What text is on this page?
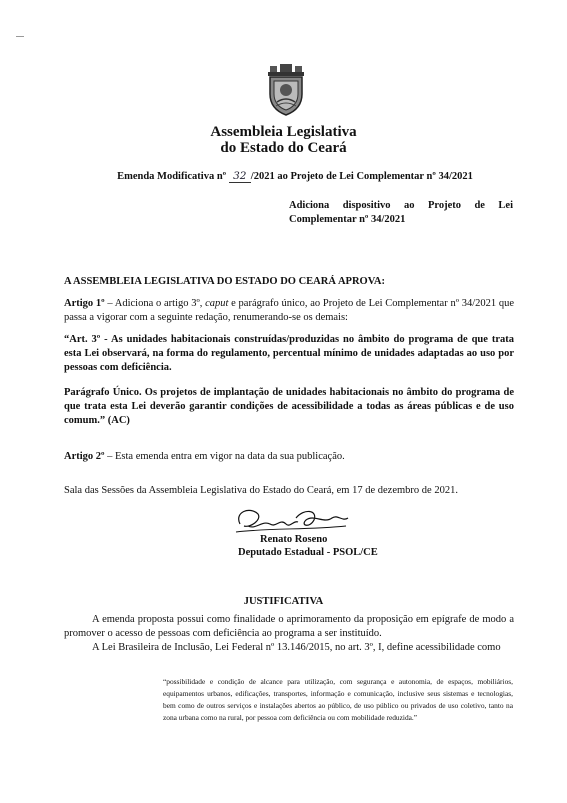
Assembleia Legislativa
do Estado do Ceará
Emenda Modificativa nº 32 /2021 ao Projeto de Lei Complementar nº 34/2021
Adiciona dispositivo ao Projeto de Lei Complementar nº 34/2021
A ASSEMBLEIA LEGISLATIVA DO ESTADO DO CEARÁ APROVA:

Artigo 1º – Adiciona o artigo 3º, caput e parágrafo único, ao Projeto de Lei Complementar nº 34/2021 que passa a vigorar com a seguinte redação, renumerando-se os demais:

“Art. 3º - As unidades habitacionais construídas/produzidas no âmbito do programa de que trata esta Lei observará, na forma do regulamento, percentual mínimo de unidades adaptadas ao uso por pessoas com deficiência.

Parágrafo Único. Os projetos de implantação de unidades habitacionais no âmbito do programa de que trata esta Lei deverão garantir condições de acessibilidade a todas as áreas públicas e de uso comum.” (AC)

Artigo 2º – Esta emenda entra em vigor na data da sua publicação.

Sala das Sessões da Assembleia Legislativa do Estado do Ceará, em 17 de dezembro de 2021.

Renato Roseno
Deputado Estadual - PSOL/CE
JUSTIFICATIVA

A emenda proposta possui como finalidade o aprimoramento da proposição em epígrafe de modo a promover o acesso de pessoas com deficiência ao programa a ser instituído.

A Lei Brasileira de Inclusão, Lei Federal nº 13.146/2015, no art. 3º, I, define acessibilidade como

“possibilidade e condição de alcance para utilização, com segurança e autonomia, de espaços, mobiliários, equipamentos urbanos, edificações, transportes, informação e comunicação, inclusive seus sistemas e tecnologias, bem como de outros serviços e instalações abertos ao público, de uso público ou privados de uso coletivo, tanto na zona urbana como na rural, por pessoa com deficiência ou com mobilidade reduzida.”
